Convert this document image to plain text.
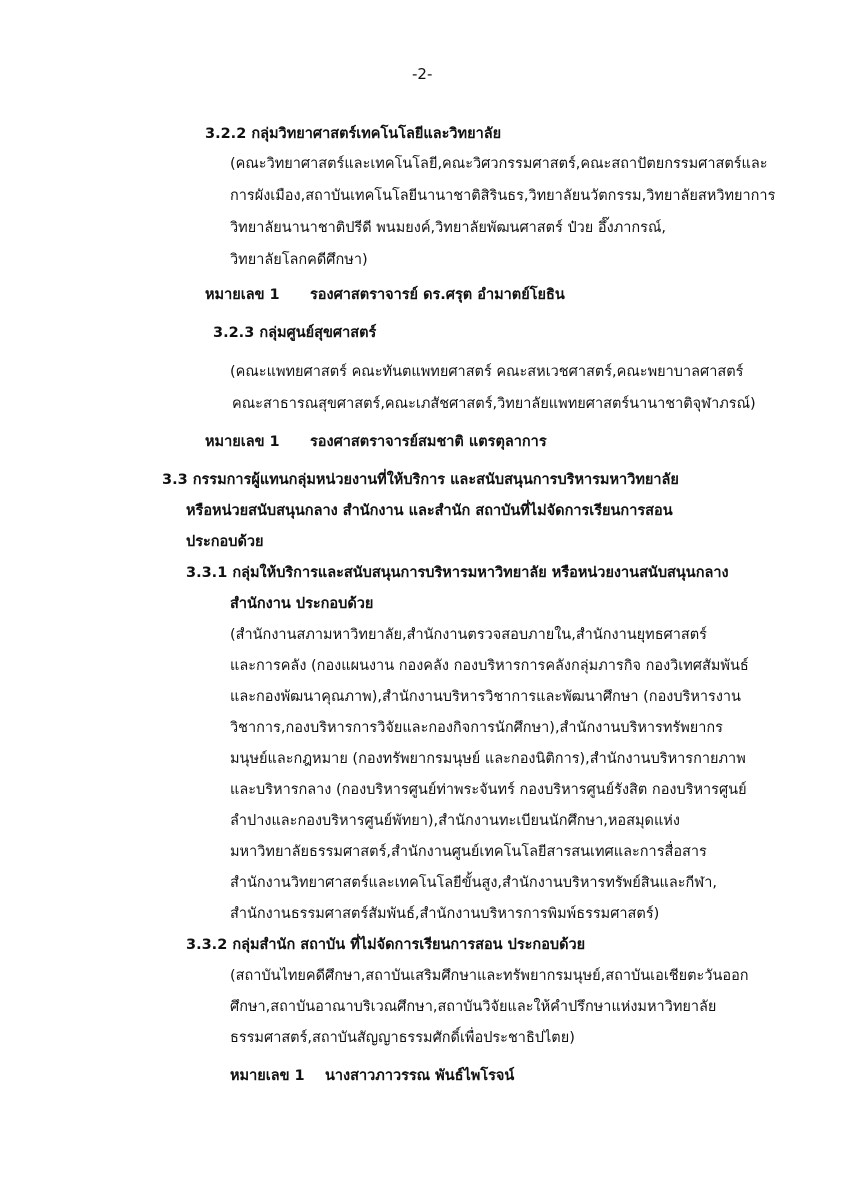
-2-
3.2.2 กลุ่มวิทยาศาสตร์เทคโนโลยีและวิทยาลัย
(คณะวิทยาศาสตร์และเทคโนโลยี,คณะวิศวกรรมศาสตร์,คณะสถาปัตยกรรมศาสตร์และ
การผังเมือง,สถาบันเทคโนโลยีนานาชาติสิรินธร,วิทยาลัยนวัตกรรม,วิทยาลัยสหวิทยาการ
วิทยาลัยนานาชาติปรีดี พนมยงค์,วิทยาลัยพัฒนศาสตร์ ป๋วย อึ๊งภากรณ์,
วิทยาลัยโลกคดีศึกษา)
หมายเลข 1 รองศาสตราจารย์ ดร.ศรุต อำมาตย์โยธิน
3.2.3 กลุ่มศูนย์สุขศาสตร์
(คณะแพทยศาสตร์ คณะทันตแพทยศาสตร์ คณะสหเวชศาสตร์,คณะพยาบาลศาสตร์
คณะสาธารณสุขศาสตร์,คณะเภสัชศาสตร์,วิทยาลัยแพทยศาสตร์นานาชาติจุฬาภรณ์)
หมายเลข 1 รองศาสตราจารย์สมชาติ แตรตุลาการ
3.3 กรรมการผู้แทนกลุ่มหน่วยงานที่ให้บริการ และสนับสนุนการบริหารมหาวิทยาลัย
หรือหน่วยสนับสนุนกลาง สำนักงาน และสำนัก สถาบันที่ไม่จัดการเรียนการสอน
ประกอบด้วย
3.3.1 กลุ่มให้บริการและสนับสนุนการบริหารมหาวิทยาลัย หรือหน่วยงานสนับสนุนกลาง
สำนักงาน ประกอบด้วย
(สำนักงานสภามหาวิทยาลัย,สำนักงานตรวจสอบภายใน,สำนักงานยุทธศาสตร์
และการคลัง (กองแผนงาน กองคลัง กองบริหารการคลังกลุ่มภารกิจ กองวิเทศสัมพันธ์
และกองพัฒนาคุณภาพ),สำนักงานบริหารวิชาการและพัฒนาศึกษา (กองบริหารงาน
วิชาการ,กองบริหารการวิจัยและกองกิจการนักศึกษา),สำนักงานบริหารทรัพยากร
มนุษย์และกฎหมาย (กองทรัพยากรมนุษย์ และกองนิติการ),สำนักงานบริหารกายภาพ
และบริหารกลาง (กองบริหารศูนย์ท่าพระจันทร์ กองบริหารศูนย์รังสิต กองบริหารศูนย์
ลำปางและกองบริหารศูนย์พัทยา),สำนักงานทะเบียนนักศึกษา,หอสมุดแห่ง
มหาวิทยาลัยธรรมศาสตร์,สำนักงานศูนย์เทคโนโลยีสารสนเทศและการสื่อสาร
สำนักงานวิทยาศาสตร์และเทคโนโลยีขั้นสูง,สำนักงานบริหารทรัพย์สินและกีฬา,
สำนักงานธรรมศาสตร์สัมพันธ์,สำนักงานบริหารการพิมพ์ธรรมศาสตร์)
3.3.2 กลุ่มสำนัก สถาบัน ที่ไม่จัดการเรียนการสอน ประกอบด้วย
(สถาบันไทยคดีศึกษา,สถาบันเสริมศึกษาและทรัพยากรมนุษย์,สถาบันเอเชียตะวันออก
ศึกษา,สถาบันอาณาบริเวณศึกษา,สถาบันวิจัยและให้คำปรึกษาแห่งมหาวิทยาลัย
ธรรมศาสตร์,สถาบันสัญญาธรรมศักดิ์เพื่อประชาธิปไตย)
หมายเลข 1 นางสาวภาวรรณ พันธ์ไพโรจน์
